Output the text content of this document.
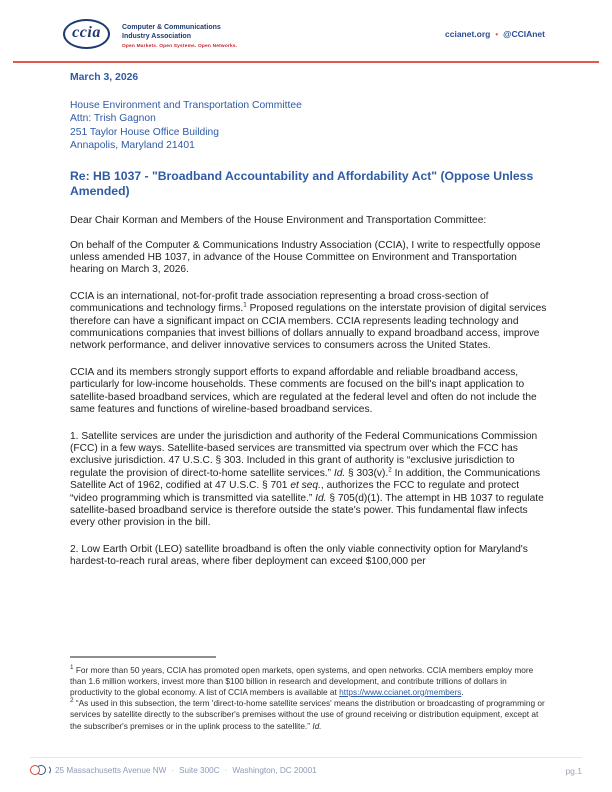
ccia	Computer & Communications
Industry Association
Open Markets. Open Systems. Open Networks.
ccianet.org • @CCIAnet
March 3, 2026
House Environment and Transportation Committee
Attn: Trish Gagnon
251 Taylor House Office Building
Annapolis, Maryland 21401
Re: HB 1037 - "Broadband Accountability and Affordability Act" (Oppose Unless Amended)
Dear Chair Korman and Members of the House Environment and Transportation Committee:

On behalf of the Computer & Communications Industry Association (CCIA), I write to respectfully oppose unless amended HB 1037, in advance of the House Committee on Environment and Transportation hearing on March 3, 2026.

CCIA is an international, not-for-profit trade association representing a broad cross-section of communications and technology firms.$^1$ Proposed regulations on the interstate provision of digital services therefore can have a significant impact on CCIA members. CCIA represents leading technology and communications companies that invest billions of dollars annually to expand broadband access, improve network performance, and deliver innovative services to consumers across the United States.

CCIA and its members strongly support efforts to expand affordable and reliable broadband access, particularly for low-income households. These comments are focused on the bill's inapt application to satellite-based broadband services, which are regulated at the federal level and often do not include the same features and functions of wireline-based broadband services.

1. Satellite services are under the jurisdiction and authority of the Federal Communications Commission (FCC) in a few ways. Satellite-based services are transmitted via spectrum over which the FCC has exclusive jurisdiction. 47 U.S.C. § 303. Included in this grant of authority is “exclusive jurisdiction to regulate the provision of direct-to-home satellite services.” Id. § 303(v).$^2$ In addition, the Communications Satellite Act of 1962, codified at 47 U.S.C. § 701 et seq., authorizes the FCC to regulate and protect “video programming which is transmitted via satellite.” Id. § 705(d)(1). The attempt in HB 1037 to regulate satellite-based broadband service is therefore outside the state's power. This fundamental flaw infects every other provision in the bill.

2. Low Earth Orbit (LEO) satellite broadband is often the only viable connectivity option for Maryland's hardest-to-reach rural areas, where fiber deployment can exceed $100,000 per

$^1$ For more than 50 years, CCIA has promoted open markets, open systems, and open networks. CCIA members employ more than 1.6 million workers, invest more than $100 billion in research and development, and contribute trillions of dollars in productivity to the global economy. A list of CCIA members is available at https://www.ccianet.org/members.

$^2$ “As used in this subsection, the term 'direct-to-home satellite services' means the distribution or broadcasting of programming or services by satellite directly to the subscriber's premises without the use of ground receiving or distribution equipment, except at the subscriber's premises or in the uplink process to the satellite.” Id.

25 Massachusetts Avenue NW · Suite 300C · Washington, DC 20001	pg.1
